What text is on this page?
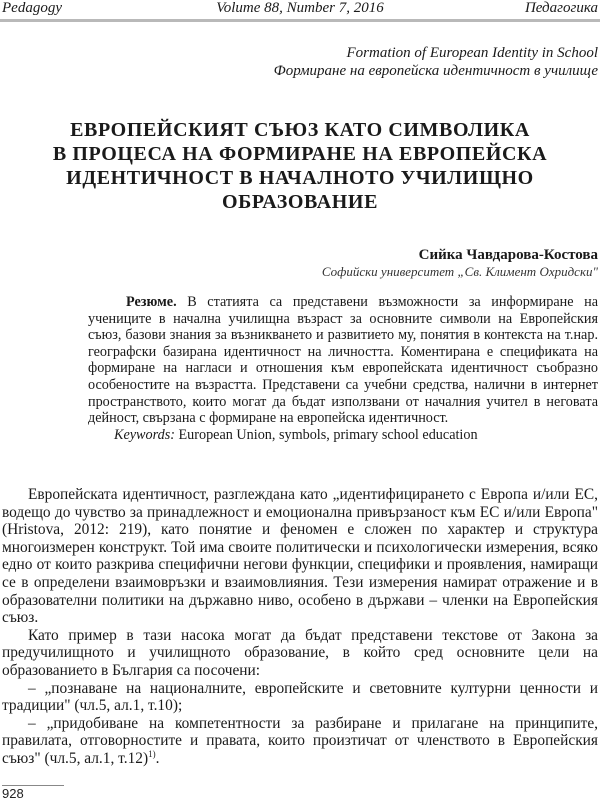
Pedagogy	Volume 88, Number 7, 2016	Педагогика
Formation of European Identity in School
Формиране на европейска идентичност в училище
ЕВРОПЕЙСКИЯТ СЪЮЗ КАТО СИМВОЛИКА
В ПРОЦЕСА НА ФОРМИРАНЕ НА ЕВРОПЕЙСКА
ИДЕНТИЧНОСТ В НАЧАЛНОТО УЧИЛИЩНО
ОБРАЗОВАНИЕ
Сийка Чавдарова-Костова
Софийски университет „Св. Климент Охридски"

Резюме. В статията са представени възможности за информиране на учениците в начална училищна възраст за основните символи на Европейския съюз, базови знания за възникването и развитието му, понятия в контекста на т.нар. географски базирана идентичност на личността. Коментирана е спецификата на формиране на нагласи и отношения към европейската идентичност съобразно особеностите на възрастта. Представени са учебни средства, налични в интернет пространството, които могат да бъдат използвани от началния учител в неговата дейност, свързана с формиране на европейска идентичност.

Keywords: European Union, symbols, primary school education

Европейската идентичност, разглеждана като „идентифицирането с Европа и/или ЕС, водещо до чувство за принадлежност и емоционална привързаност към ЕС и/или Европа" (Hristova, 2012: 219), като понятие и феномен е сложен по характер и структура многоизмерен конструкт. Той има своите политически и психологически измерения, всяко едно от които разкрива специфични негови функции, специфики и проявления, намиращи се в определени взаимовръзки и взаимовлияния. Тези измерения намират отражение и в образователни политики на държавно ниво, особено в държави – членки на Европейския съюз.

Като пример в тази насока могат да бъдат представени текстове от Закона за предучилищното и училищното образование, в който сред основните цели на образованието в България са посочени:

– „познаване на националните, европейските и световните културни ценности и традиции" (чл.5, ал.1, т.10);

– „придобиване на компетентности за разбиране и прилагане на принципите, правилата, отговорностите и правата, които произтичат от членството в Европейския съюз" (чл.5, ал.1, т.12)$^{1)}$.

928
